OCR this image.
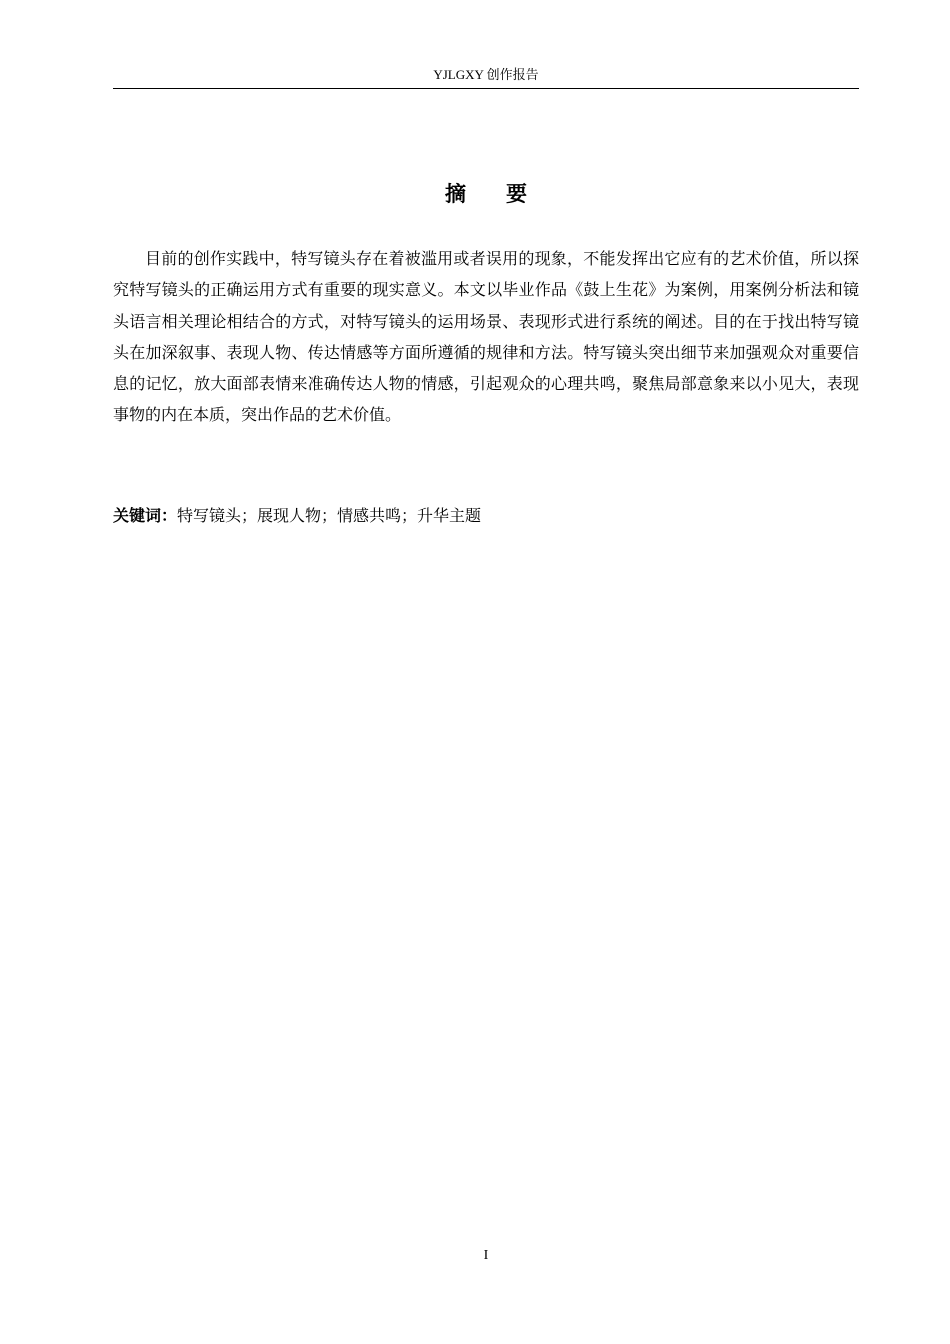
YJLGXY 创作报告
摘要

目前的创作实践中，特写镜头存在着被滥用或者误用的现象，不能发挥出它应有的艺术价值，所以探究特写镜头的正确运用方式有重要的现实意义。本文以毕业作品《鼓上生花》为案例，用案例分析法和镜头语言相关理论相结合的方式，对特写镜头的运用场景、表现形式进行系统的阐述。目的在于找出特写镜头在加深叙事、表现人物、传达情感等方面所遵循的规律和方法。特写镜头突出细节来加强观众对重要信息的记忆，放大面部表情来准确传达人物的情感，引起观众的心理共鸣，聚焦局部意象来以小见大，表现事物的内在本质，突出作品的艺术价值。

关键词：特写镜头；展现人物；情感共鸣；升华主题
I
